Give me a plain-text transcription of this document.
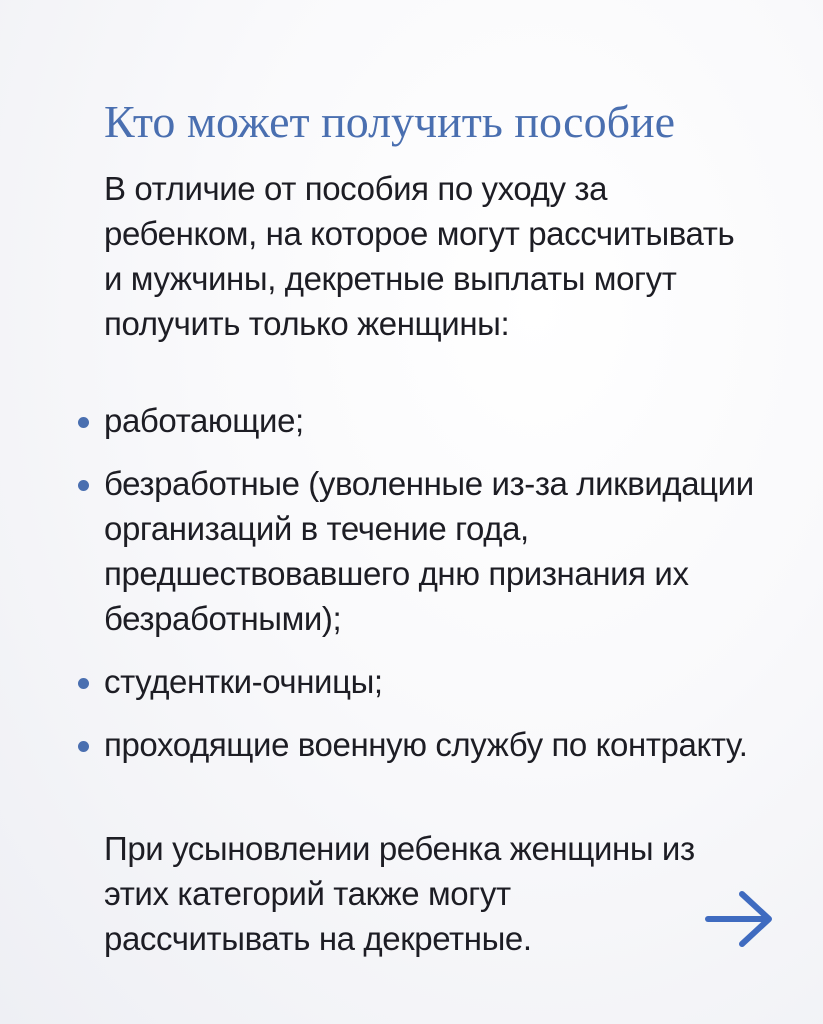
Кто может получить пособие

В отличие от пособия по уходу за ребенком, на которое могут рассчитывать и мужчины, декретные выплаты могут получить только женщины:

работающие;
безработные (уволенные из-за ликвидации организаций в течение года, предшествовавшего дню признания их безработными);
студентки-очницы;
проходящие военную службу по контракту.

При усыновлении ребенка женщины из этих категорий также могут рассчитывать на декретные.
